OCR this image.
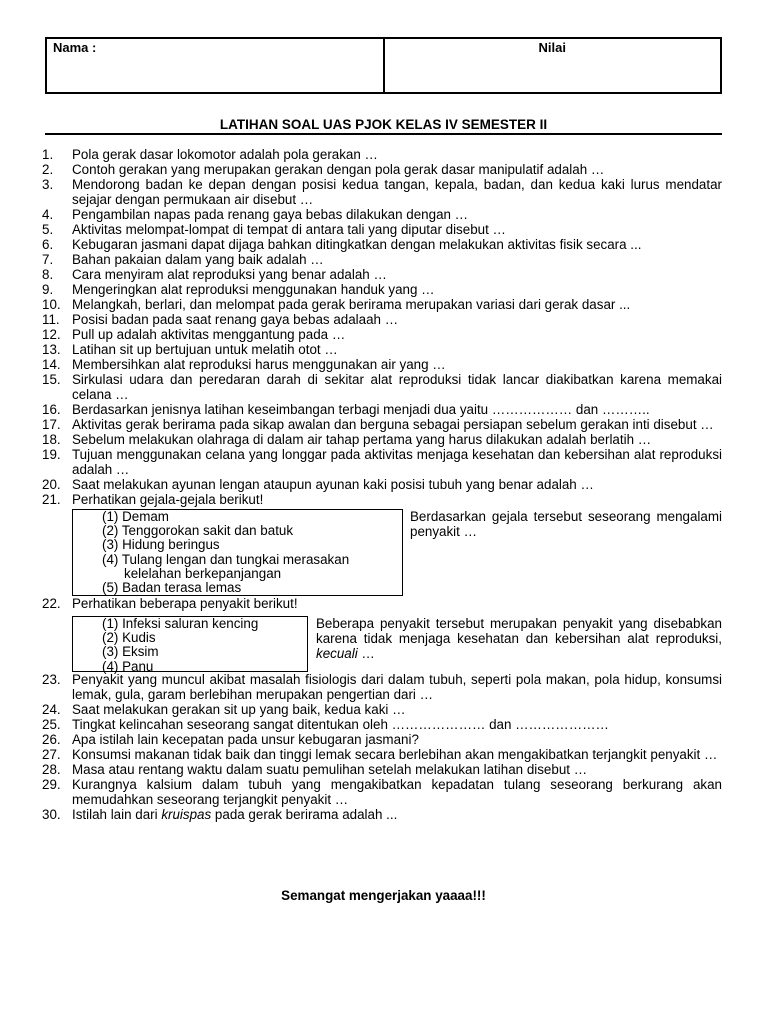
Nama :	Nilai
LATIHAN SOAL UAS PJOK KELAS IV SEMESTER II
1.	Pola gerak dasar lokomotor adalah pola gerakan …
2.	Contoh gerakan yang merupakan gerakan dengan pola gerak dasar manipulatif adalah …
3.	Mendorong badan ke depan dengan posisi kedua tangan, kepala, badan, dan kedua kaki lurus mendatar sejajar dengan permukaan air disebut …
4.	Pengambilan napas pada renang gaya bebas dilakukan dengan …
5.	Aktivitas melompat-lompat di tempat di antara tali yang diputar disebut …
6.	Kebugaran jasmani dapat dijaga bahkan ditingkatkan dengan melakukan aktivitas fisik secara ...
7.	Bahan pakaian dalam yang baik adalah …
8.	Cara menyiram alat reproduksi yang benar adalah …
9.	Mengeringkan alat reproduksi menggunakan handuk yang …
10. Melangkah, berlari, dan melompat pada gerak berirama merupakan variasi dari gerak dasar ...
11. Posisi badan pada saat renang gaya bebas adalaah …
12. Pull up adalah aktivitas menggantung pada …
13. Latihan sit up bertujuan untuk melatih otot …
14. Membersihkan alat reproduksi harus menggunakan air yang …
15. Sirkulasi udara dan peredaran darah di sekitar alat reproduksi tidak lancar diakibatkan karena memakai celana …
16. Berdasarkan jenisnya latihan keseimbangan terbagi menjadi dua yaitu ……………… dan ………..
17. Aktivitas gerak berirama pada sikap awalan dan berguna sebagai persiapan sebelum gerakan inti disebut …
18. Sebelum melakukan olahraga di dalam air tahap pertama yang harus dilakukan adalah berlatih …
19. Tujuan menggunakan celana yang longgar pada aktivitas menjaga kesehatan dan kebersihan alat reproduksi adalah …
20. Saat melakukan ayunan lengan ataupun ayunan kaki posisi tubuh yang benar adalah …
21. Perhatikan gejala-gejala berikut!
(1) Demam
(2) Tenggorokan sakit dan batuk
(3) Hidung beringus
(4) Tulang lengan dan tungkai merasakan kelelahan berkepanjangan
(5) Badan terasa lemas
Berdasarkan gejala tersebut seseorang mengalami penyakit …
22. Perhatikan beberapa penyakit berikut!
(1) Infeksi saluran kencing
(2) Kudis
(3) Eksim
(4) Panu
Beberapa penyakit tersebut merupakan penyakit yang disebabkan karena tidak menjaga kesehatan dan kebersihan alat reproduksi, kecuali …
23. Penyakit yang muncul akibat masalah fisiologis dari dalam tubuh, seperti pola makan, pola hidup, konsumsi lemak, gula, garam berlebihan merupakan pengertian dari …
24. Saat melakukan gerakan sit up yang baik, kedua kaki …
25. Tingkat kelincahan seseorang sangat ditentukan oleh ………………… dan …………………
26. Apa istilah lain kecepatan pada unsur kebugaran jasmani?
27. Konsumsi makanan tidak baik dan tinggi lemak secara berlebihan akan mengakibatkan terjangkit penyakit …
28. Masa atau rentang waktu dalam suatu pemulihan setelah melakukan latihan disebut …
29. Kurangnya kalsium dalam tubuh yang mengakibatkan kepadatan tulang seseorang berkurang akan memudahkan seseorang terjangkit penyakit …
30. Istilah lain dari kruispas pada gerak berirama adalah ...
Semangat mengerjakan yaaaa!!!
